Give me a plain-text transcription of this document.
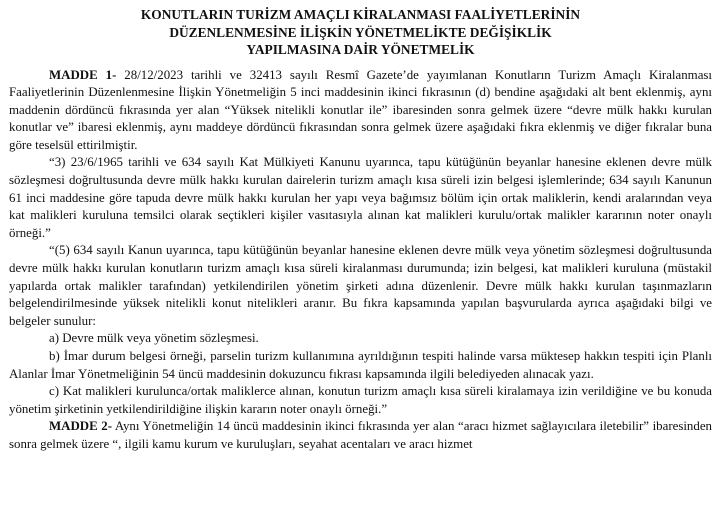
KONUTLARIN TURİZM AMAÇLI KİRALANMASI FAALİYETLERİNİN
DÜZENLENMESİNE İLİŞKİN YÖNETMELİKTE DEĞİŞİKLİK
YAPILMASINA DAİR YÖNETMELİK

MADDE 1- 28/12/2023 tarihli ve 32413 sayılı Resmî Gazete’de yayımlanan Konutların Turizm Amaçlı Kiralanması Faaliyetlerinin Düzenlenmesine İlişkin Yönetmeliğin 5 inci maddesinin ikinci fıkrasının (d) bendine aşağıdaki alt bent eklenmiş, aynı maddenin dördüncü fıkrasında yer alan “Yüksek nitelikli konutlar ile” ibaresinden sonra gelmek üzere “devre mülk hakkı kurulan konutlar ve” ibaresi eklenmiş, aynı maddeye dördüncü fıkrasından sonra gelmek üzere aşağıdaki fıkra eklenmiş ve diğer fıkralar buna göre teselsül ettirilmiştir.

“3) 23/6/1965 tarihli ve 634 sayılı Kat Mülkiyeti Kanunu uyarınca, tapu kütüğünün beyanlar hanesine eklenen devre mülk sözleşmesi doğrultusunda devre mülk hakkı kurulan dairelerin turizm amaçlı kısa süreli izin belgesi işlemlerinde; 634 sayılı Kanunun 61 inci maddesine göre tapuda devre mülk hakkı kurulan her yapı veya bağımsız bölüm için ortak maliklerin, kendi aralarından veya kat malikleri kuruluna temsilci olarak seçtikleri kişiler vasıtasıyla alınan kat malikleri kurulu/ortak malikler kararının noter onaylı örneği.”

“(5) 634 sayılı Kanun uyarınca, tapu kütüğünün beyanlar hanesine eklenen devre mülk veya yönetim sözleşmesi doğrultusunda devre mülk hakkı kurulan konutların turizm amaçlı kısa süreli kiralanması durumunda; izin belgesi, kat malikleri kuruluna (müstakil yapılarda ortak malikler tarafından) yetkilendirilen yönetim şirketi adına düzenlenir. Devre mülk hakkı kurulan taşınmazların belgelendirilmesinde yüksek nitelikli konut nitelikleri aranır. Bu fıkra kapsamında yapılan başvurularda ayrıca aşağıdaki bilgi ve belgeler sunulur:

a) Devre mülk veya yönetim sözleşmesi.

b) İmar durum belgesi örneği, parselin turizm kullanımına ayrıldığının tespiti halinde varsa müktesep hakkın tespiti için Planlı Alanlar İmar Yönetmeliğinin 54 üncü maddesinin dokuzuncu fıkrası kapsamında ilgili belediyeden alınacak yazı.

c) Kat malikleri kurulunca/ortak maliklerce alınan, konutun turizm amaçlı kısa süreli kiralamaya izin verildiğine ve bu konuda yönetim şirketinin yetkilendirildiğine ilişkin kararın noter onaylı örneği.”

MADDE 2- Aynı Yönetmeliğin 14 üncü maddesinin ikinci fıkrasında yer alan “aracı hizmet sağlayıcılara iletebilir” ibaresinden sonra gelmek üzere “, ilgili kamu kurum ve kuruluşları, seyahat acentaları ve aracı hizmet
